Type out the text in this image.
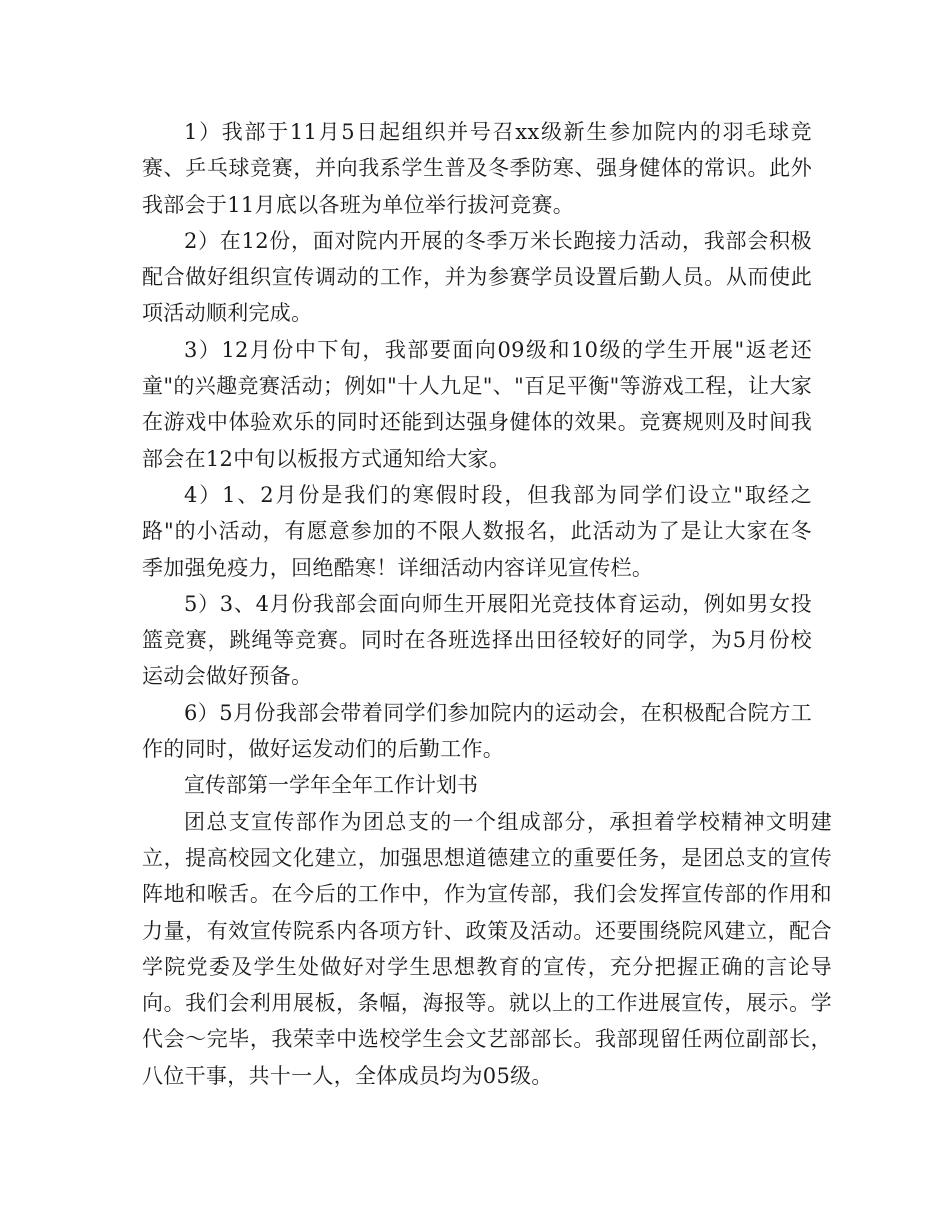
1）我部于11月5日起组织并号召xx级新生参加院内的羽毛球竞赛、乒乓球竞赛，并向我系学生普及冬季防寒、强身健体的常识。此外我部会于11月底以各班为单位举行拔河竞赛。

2）在12份，面对院内开展的冬季万米长跑接力活动，我部会积极配合做好组织宣传调动的工作，并为参赛学员设置后勤人员。从而使此项活动顺利完成。

3）12月份中下旬，我部要面向09级和10级的学生开展"返老还童"的兴趣竞赛活动；例如"十人九足"、"百足平衡"等游戏工程，让大家在游戏中体验欢乐的同时还能到达强身健体的效果。竞赛规则及时间我部会在12中旬以板报方式通知给大家。

4）1、2月份是我们的寒假时段，但我部为同学们设立"取经之路"的小活动，有愿意参加的不限人数报名，此活动为了是让大家在冬季加强免疫力，回绝酷寒！详细活动内容详见宣传栏。

5）3、4月份我部会面向师生开展阳光竞技体育运动，例如男女投篮竞赛，跳绳等竞赛。同时在各班选择出田径较好的同学，为5月份校运动会做好预备。

6）5月份我部会带着同学们参加院内的运动会，在积极配合院方工作的同时，做好运发动们的后勤工作。

宣传部第一学年全年工作计划书

团总支宣传部作为团总支的一个组成部分，承担着学校精神文明建立，提高校园文化建立，加强思想道德建立的重要任务，是团总支的宣传阵地和喉舌。在今后的工作中，作为宣传部，我们会发挥宣传部的作用和力量，有效宣传院系内各项方针、政策及活动。还要围绕院风建立，配合学院党委及学生处做好对学生思想教育的宣传，充分把握正确的言论导向。我们会利用展板，条幅，海报等。就以上的工作进展宣传，展示。学代会～完毕，我荣幸中选校学生会文艺部部长。我部现留任两位副部长，八位干事，共十一人，全体成员均为05级。
